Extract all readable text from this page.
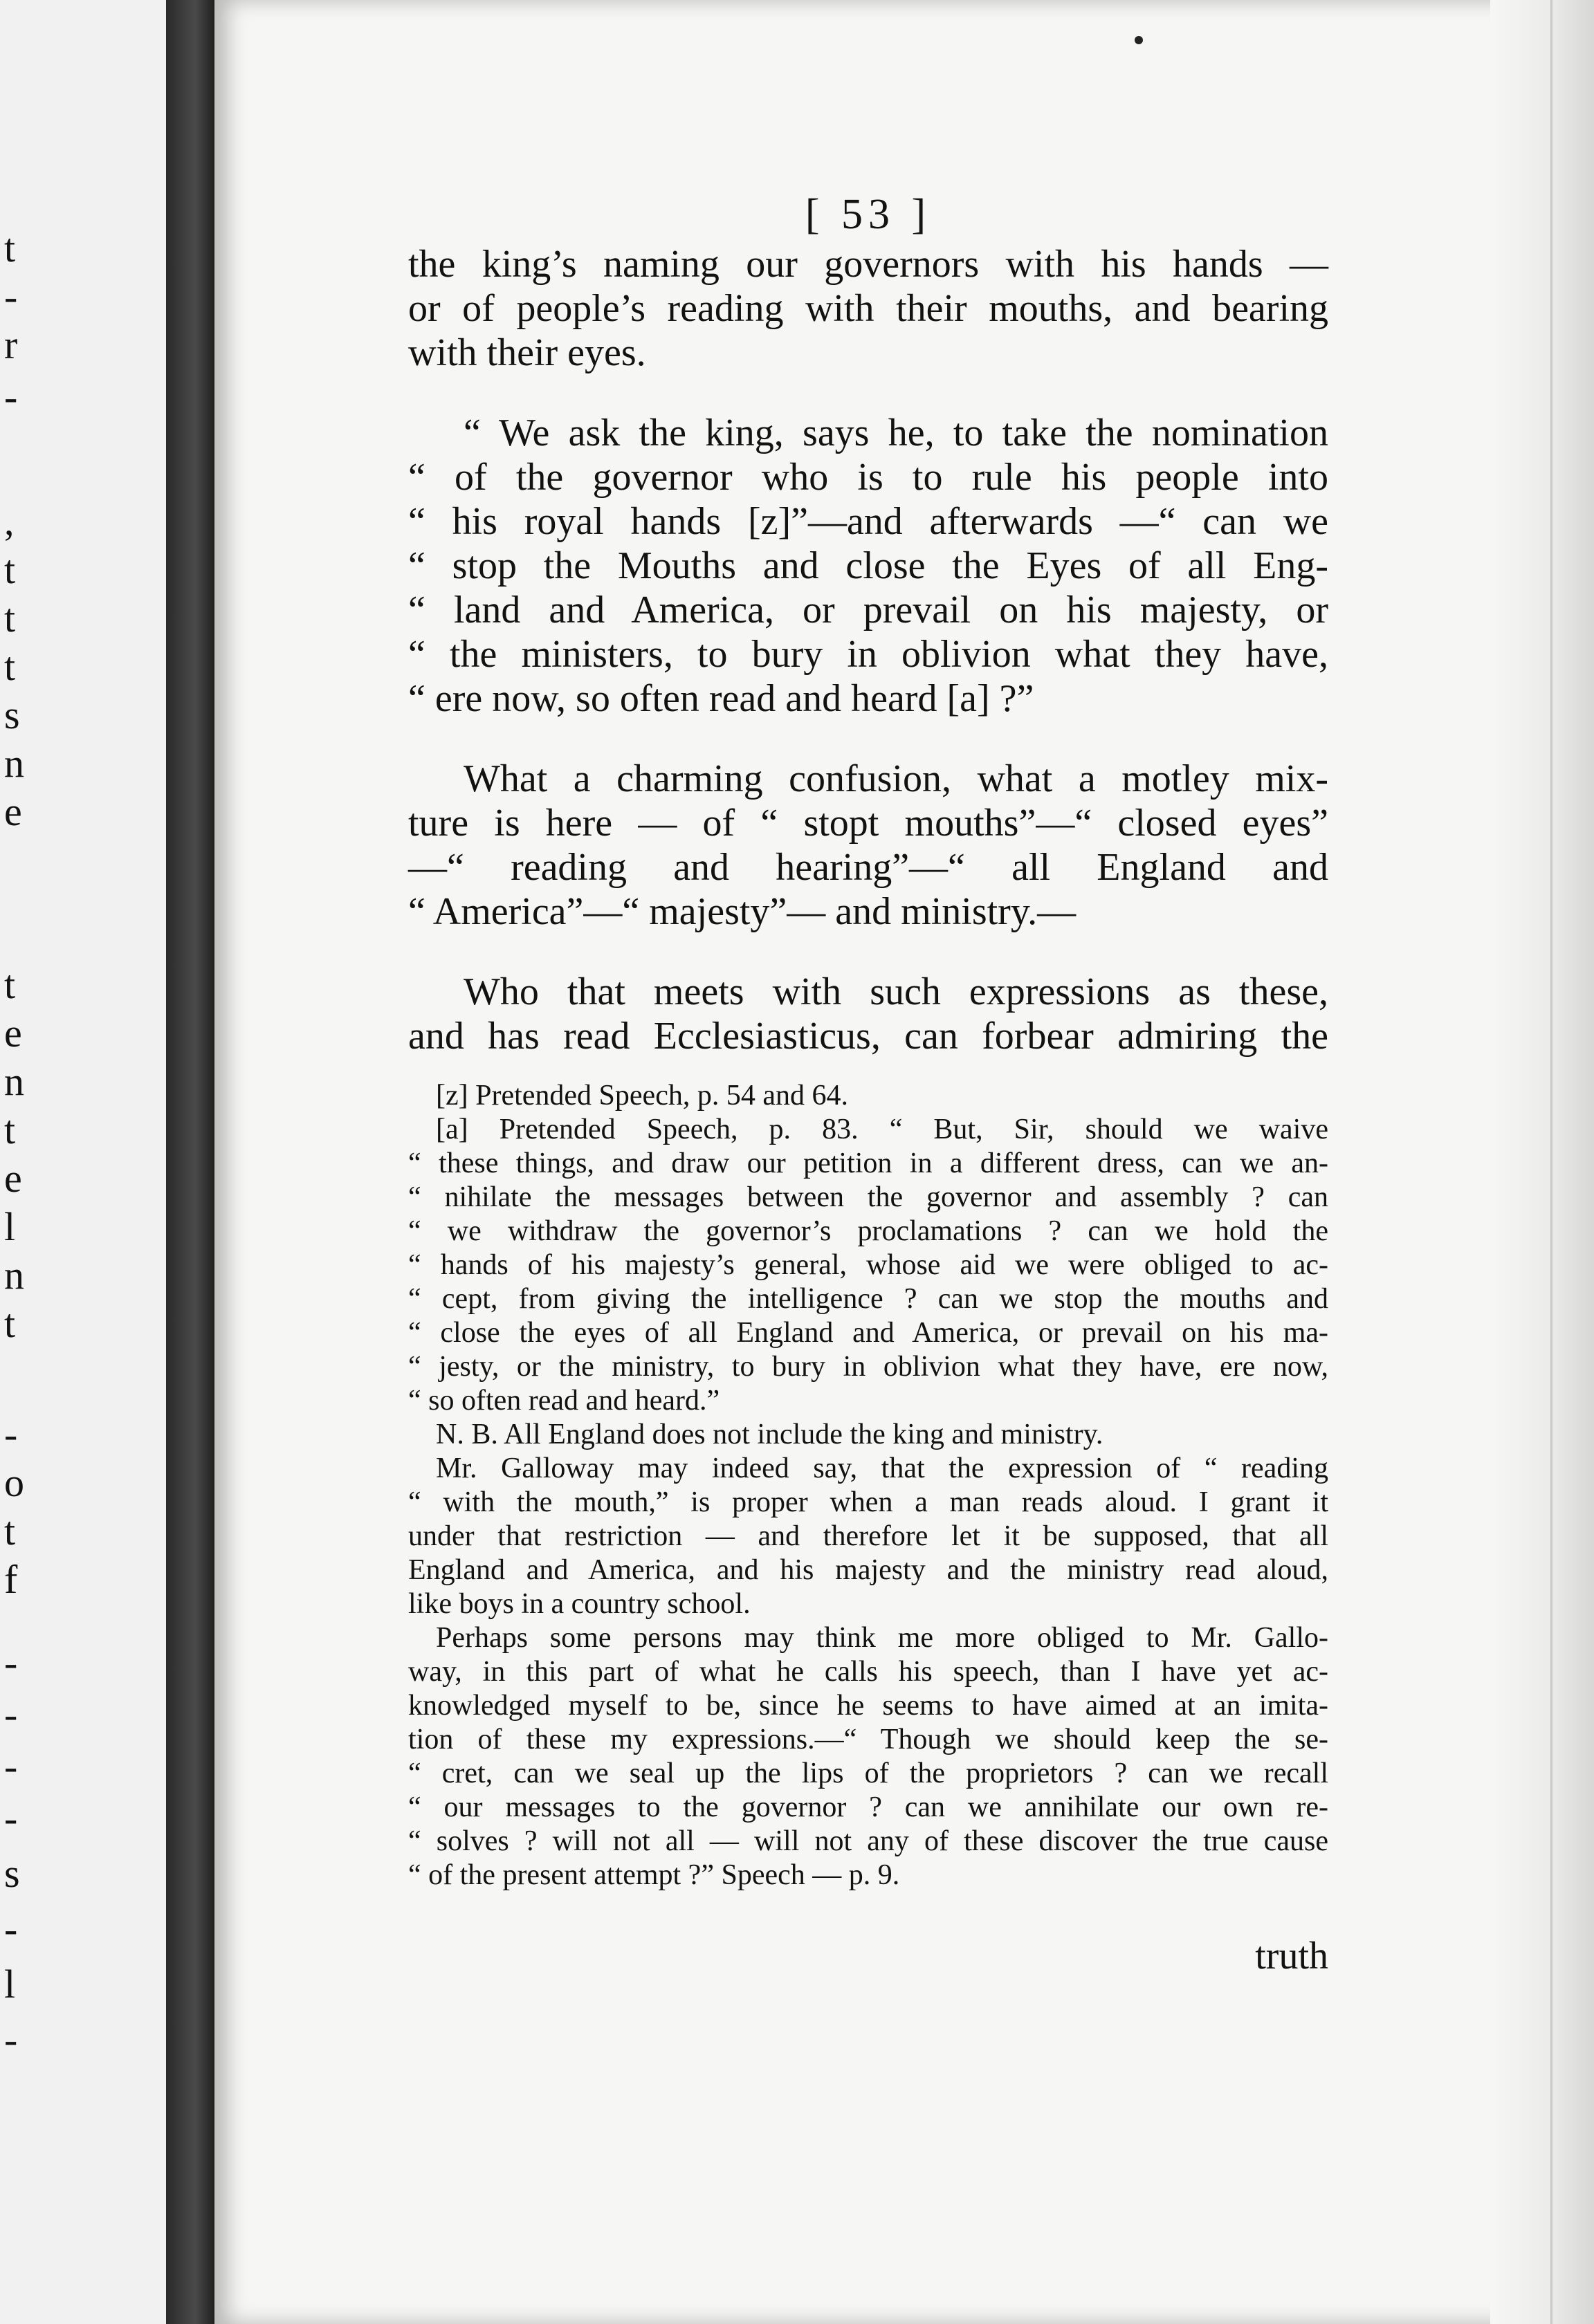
t
-
r
-
,
t
t
t
s
n
e
t
e
n
t
e
l
n
t
-
o
t
f
-
-
-
-
s
-
l
-
[ 53 ]

the king’s naming our governors with his hands —

or of people’s reading with their mouths, and bearing

with their eyes.

“ We ask the king, says he, to take the nomination

“ of the governor who is to rule his people into

“ his royal hands [z]”—and afterwards —“ can we

“ stop the Mouths and close the Eyes of all Eng-

“ land and America, or prevail on his majesty, or

“ the ministers, to bury in oblivion what they have,

“ ere now, so often read and heard [a] ?”

What a charming confusion, what a motley mix-

ture is here — of “ stopt mouths”—“ closed eyes”

—“ reading and hearing”—“ all England and

“ America”—“ majesty”— and ministry.—

Who that meets with such expressions as these,

and has read Ecclesiasticus, can forbear admiring the

[z] Pretended Speech, p. 54 and 64.

[a] Pretended Speech, p. 83. “ But, Sir, should we waive

“ these things, and draw our petition in a different dress, can we an-

“ nihilate the messages between the governor and assembly ? can

“ we withdraw the governor’s proclamations ? can we hold the

“ hands of his majesty’s general, whose aid we were obliged to ac-

“ cept, from giving the intelligence ? can we stop the mouths and

“ close the eyes of all England and America, or prevail on his ma-

“ jesty, or the ministry, to bury in oblivion what they have, ere now,

“ so often read and heard.”

N. B. All England does not include the king and ministry.

Mr. Galloway may indeed say, that the expression of “ reading

“ with the mouth,” is proper when a man reads aloud. I grant it

under that restriction — and therefore let it be supposed, that all

England and America, and his majesty and the ministry read aloud,

like boys in a country school.

Perhaps some persons may think me more obliged to Mr. Gallo-

way, in this part of what he calls his speech, than I have yet ac-

knowledged myself to be, since he seems to have aimed at an imita-

tion of these my expressions.—“ Though we should keep the se-

“ cret, can we seal up the lips of the proprietors ? can we recall

“ our messages to the governor ? can we annihilate our own re-

“ solves ? will not all — will not any of these discover the true cause

“ of the present attempt ?” Speech — p. 9.

truth
